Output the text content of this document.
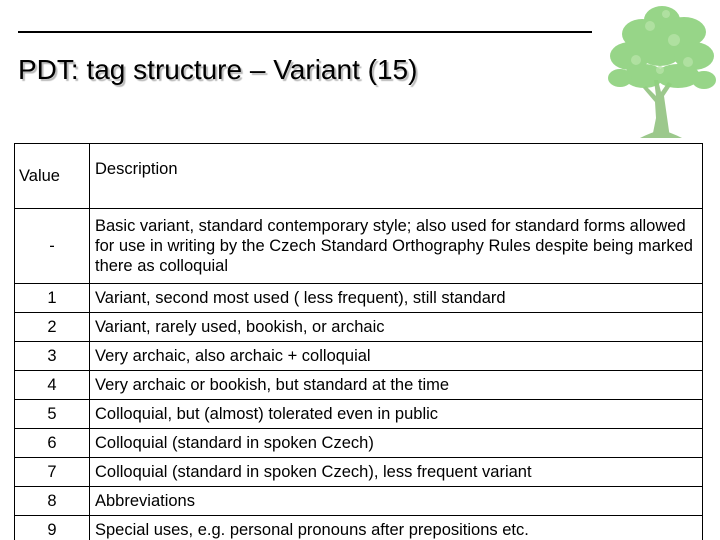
PDT: tag structure – Variant (15)
Value	Description
-	Basic variant, standard contemporary style; also used for standard forms allowed for use in writing by the Czech Standard Orthography Rules despite being marked there as colloquial
1	Variant, second most used ( less frequent), still standard
2	Variant, rarely used, bookish, or archaic
3	Very archaic, also archaic + colloquial
4	Very archaic or bookish, but standard at the time
5	Colloquial, but (almost) tolerated even in public
6	Colloquial (standard in spoken Czech)
7	Colloquial (standard in spoken Czech), less frequent variant
8	Abbreviations
9	Special uses, e.g. personal pronouns after prepositions etc.
